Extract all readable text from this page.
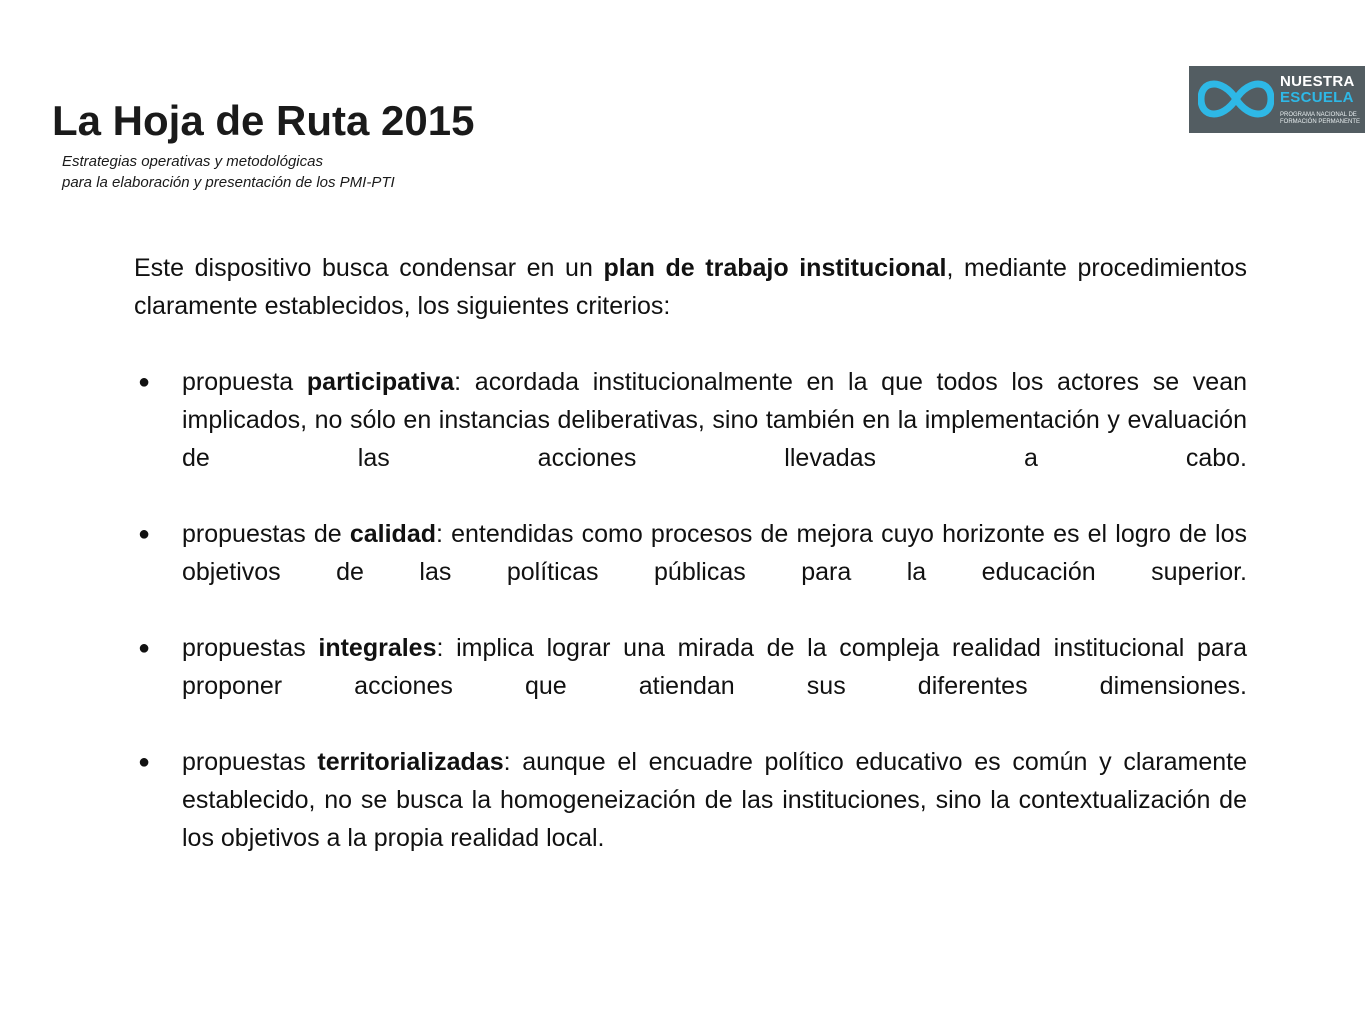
La Hoja de Ruta 2015
Estrategias operativas y metodológicas
para la elaboración y presentación de los PMI-PTI
NUESTRA
ESCUELA
PROGRAMA NACIONAL DE
FORMACIÓN PERMANENTE

Este dispositivo busca condensar en un plan de trabajo institucional, mediante procedimientos claramente establecidos, los siguientes criterios:

● propuesta participativa: acordada institucionalmente en la que todos los actores se vean implicados, no sólo en instancias deliberativas, sino también en la implementación y evaluación de las acciones llevadas a cabo.
● propuestas de calidad: entendidas como procesos de mejora cuyo horizonte es el logro de los objetivos de las políticas públicas para la educación superior.
● propuestas integrales: implica lograr una mirada de la compleja realidad institucional para proponer acciones que atiendan sus diferentes dimensiones.
● propuestas territorializadas: aunque el encuadre político educativo es común y claramente establecido, no se busca la homogeneización de las instituciones, sino la contextualización de los objetivos a la propia realidad local.
